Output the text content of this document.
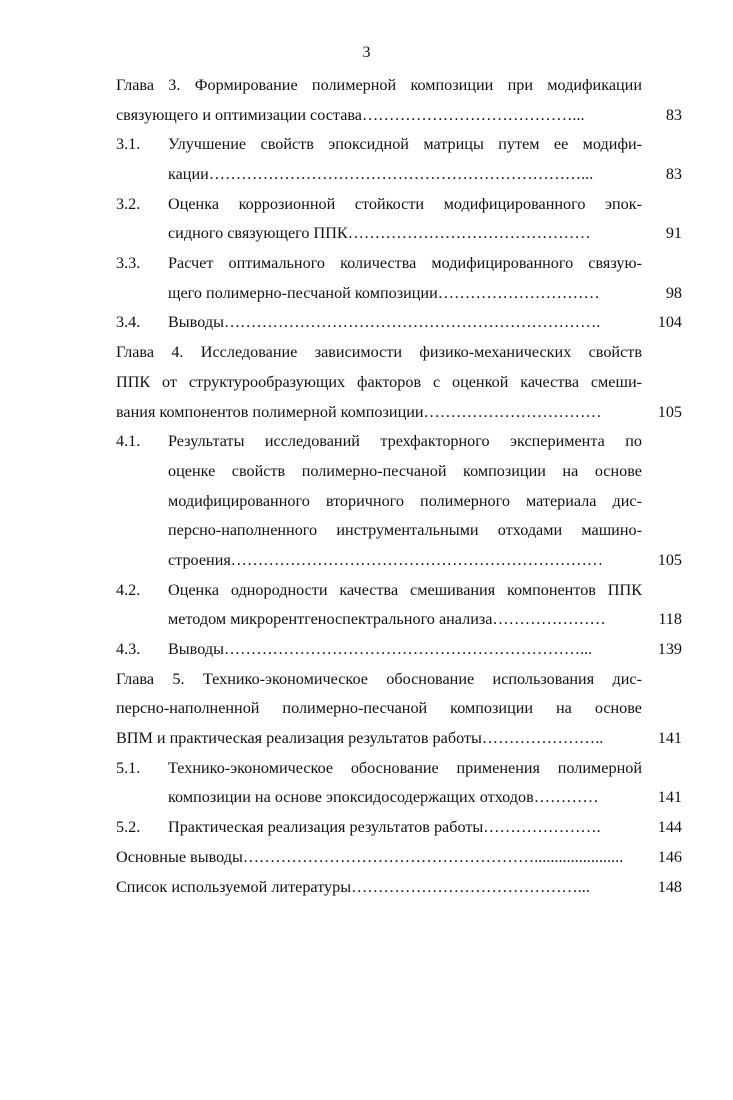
3
Глава 3. Формирование полимерной композиции при модификации
связующего и оптимизации состава…………………………………...	83
3.1.	Улучшение свойств эпоксидной матрицы путем ее модифи-
кации……………………………………………………………...	83
3.2.	Оценка коррозионной стойкости модифицированного эпок-
сидного связующего ППК………………………………………	91
3.3.	Расчет оптимального количества модифицированного связую-
щего полимерно-песчаной композиции…………………………	98
3.4.	Выводы…………………………………………………………….	104
Глава 4. Исследование зависимости физико-механических свойств
ППК от структурообразующих факторов с оценкой качества смеши-
вания компонентов полимерной композиции……………………………	105
4.1.	Результаты исследований трехфакторного эксперимента по
оценке свойств полимерно-песчаной композиции на основе
модифицированного вторичного полимерного материала дис-
персно-наполненного инструментальными отходами машино-
строения……………………………………………………………	105
4.2.	Оценка однородности качества смешивания компонентов ППК
методом микрорентгеноспектрального анализа…………………	118
4.3.	Выводы…………………………………………………………...	139
Глава 5. Технико-экономическое обоснование использования дис-
персно-наполненной полимерно-песчаной композиции на основе
ВПМ и практическая реализация результатов работы…………………..	141
5.1.	Технико-экономическое обоснование применения полимерной
композиции на основе эпоксидосодержащих отходов…………	141
5.2.	Практическая реализация результатов работы………………….	144
Основные выводы………………………………………………......................	146
Список используемой литературы……………………………………...	148
